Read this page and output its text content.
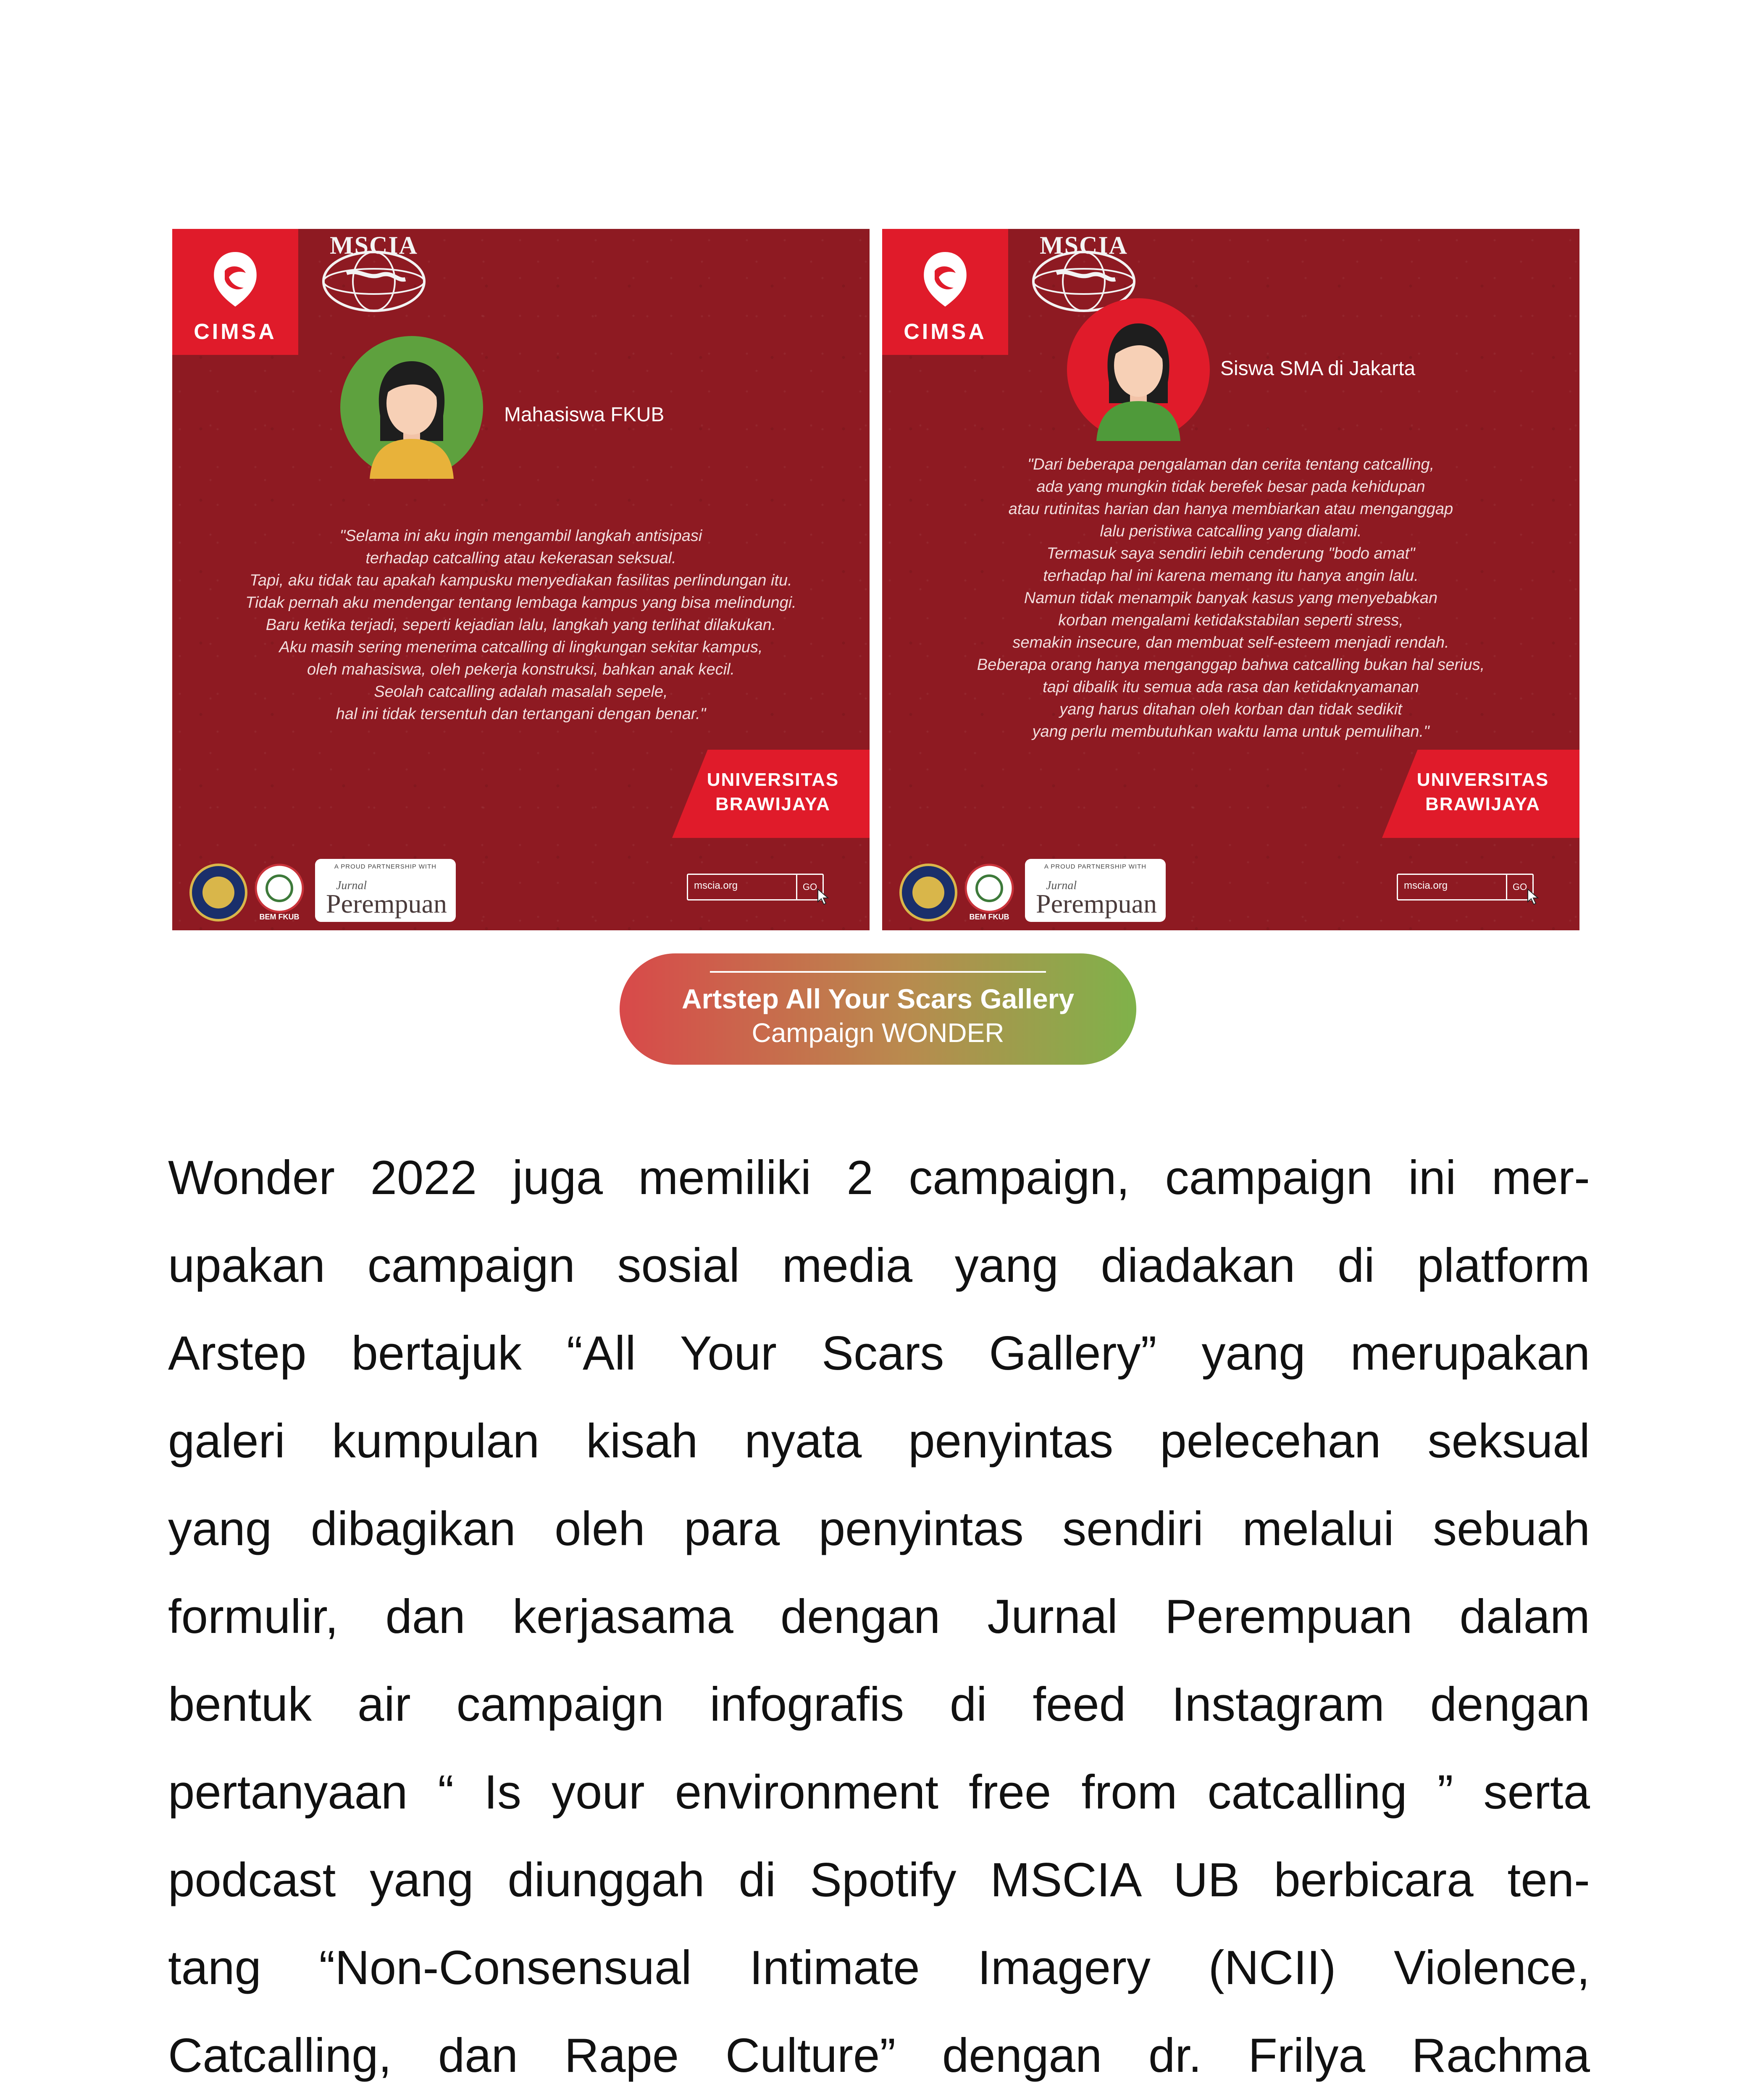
CIMSA
MSCIA
Mahasiswa FKUB
"Selama ini aku ingin mengambil langkah antisipasi
terhadap catcalling atau kekerasan seksual.
Tapi, aku tidak tau apakah kampusku menyediakan fasilitas perlindungan itu.
Tidak pernah aku mendengar tentang lembaga kampus yang bisa melindungi.
Baru ketika terjadi, seperti kejadian lalu, langkah yang terlihat dilakukan.
Aku masih sering menerima catcalling di lingkungan sekitar kampus,
oleh mahasiswa, oleh pekerja konstruksi, bahkan anak kecil.
Seolah catcalling adalah masalah sepele,
hal ini tidak tersentuh dan tertangani dengan benar."
UNIVERSITAS
BRAWIJAYA
BEM FKUB
A PROUD PARTNERSHIP WITH
Jurnal
Perempuan
mscia.org	GO
CIMSA
MSCIA
Siswa SMA di Jakarta
"Dari beberapa pengalaman dan cerita tentang catcalling,
ada yang mungkin tidak berefek besar pada kehidupan
atau rutinitas harian dan hanya membiarkan atau menganggap
lalu peristiwa catcalling yang dialami.
Termasuk saya sendiri lebih cenderung "bodo amat"
terhadap hal ini karena memang itu hanya angin lalu.
Namun tidak menampik banyak kasus yang menyebabkan
korban mengalami ketidakstabilan seperti stress,
semakin insecure, dan membuat self-esteem menjadi rendah.
Beberapa orang hanya menganggap bahwa catcalling bukan hal serius,
tapi dibalik itu semua ada rasa dan ketidaknyamanan
yang harus ditahan oleh korban dan tidak sedikit
yang perlu membutuhkan waktu lama untuk pemulihan."
UNIVERSITAS
BRAWIJAYA
BEM FKUB
A PROUD PARTNERSHIP WITH
Jurnal
Perempuan
mscia.org	GO
Artstep All Your Scars Gallery
Campaign WONDER
Wonder 2022 juga memiliki 2 campaign, campaign ini mer-
upakan campaign sosial media yang diadakan di platform
Arstep bertajuk “All Your Scars Gallery” yang merupakan
galeri kumpulan kisah nyata penyintas pelecehan seksual
yang dibagikan oleh para penyintas sendiri melalui sebuah
formulir, dan kerjasama dengan Jurnal Perempuan dalam
bentuk air campaign infografis di feed Instagram dengan
pertanyaan “ Is your environment free from catcalling ” serta
podcast yang diunggah di Spotify MSCIA UB berbicara ten-
tang “Non-Consensual Intimate Imagery (NCII) Violence,
Catcalling, dan Rape Culture” dengan dr. Frilya Rachma
